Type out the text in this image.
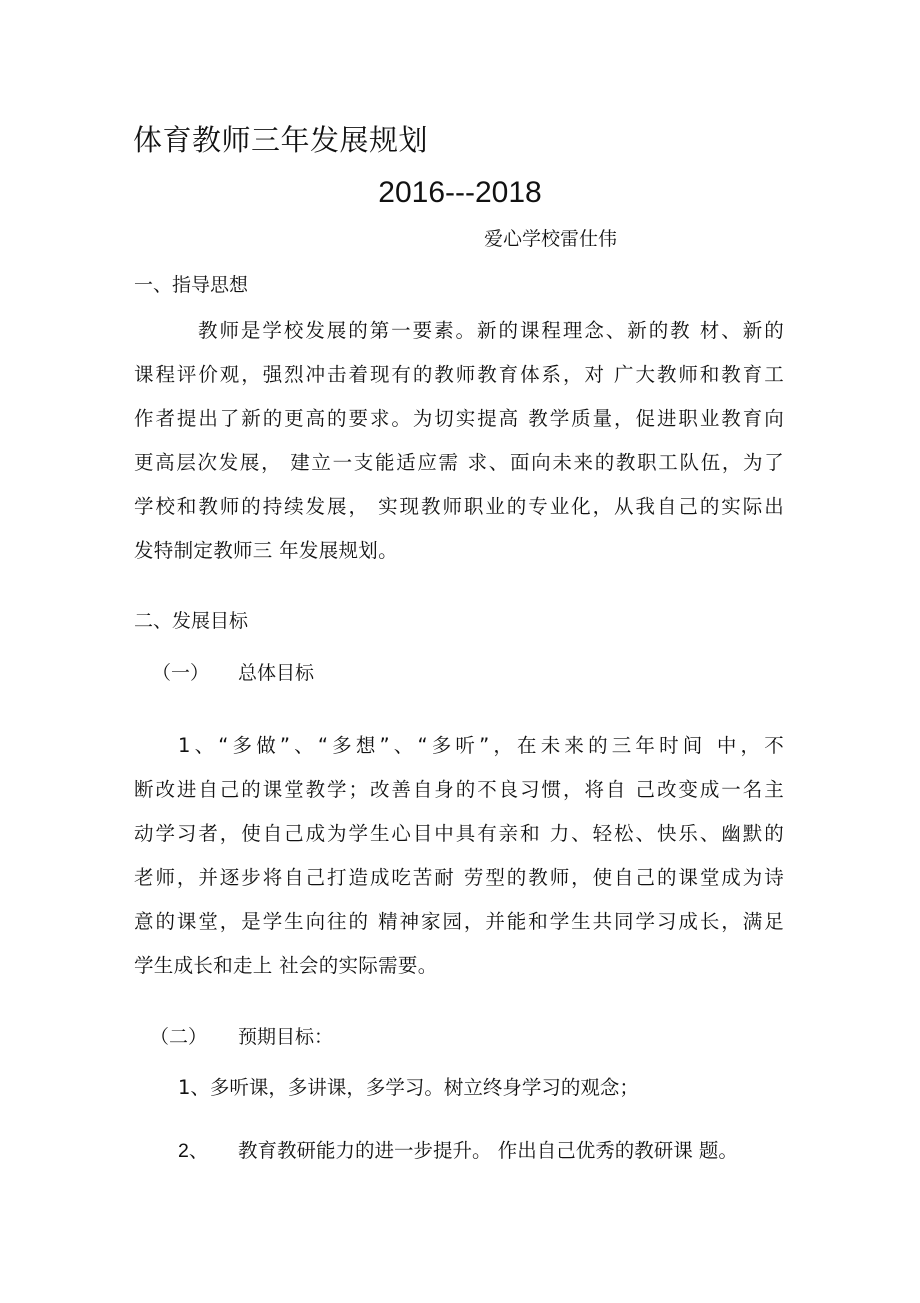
体育教师三年发展规划
2016---2018
爱心学校雷仕伟
一、指导思想
教师是学校发展的第一要素。新的课程理念、新的教 材、新的
课程评价观，强烈冲击着现有的教师教育体系，对 广大教师和教育工
作者提出了新的更高的要求。为切实提高 教学质量，促进职业教育向
更高层次发展， 建立一支能适应需 求、面向未来的教职工队伍，为了
学校和教师的持续发展， 实现教师职业的专业化，从我自己的实际出
发特制定教师三 年发展规划。
二、发展目标
（一） 总体目标
1、“多做”、“多想”、“多听”，在未来的三年时间 中，不
断改进自己的课堂教学；改善自身的不良习惯，将自 己改变成一名主
动学习者，使自己成为学生心目中具有亲和 力、轻松、快乐、幽默的
老师，并逐步将自己打造成吃苦耐 劳型的教师，使自己的课堂成为诗
意的课堂，是学生向往的 精神家园，并能和学生共同学习成长，满足
学生成长和走上 社会的实际需要。
（二） 预期目标：
1、多听课，多讲课，多学习。树立终身学习的观念；
2、 教育教研能力的进一步提升。 作出自己优秀的教研课 题。
